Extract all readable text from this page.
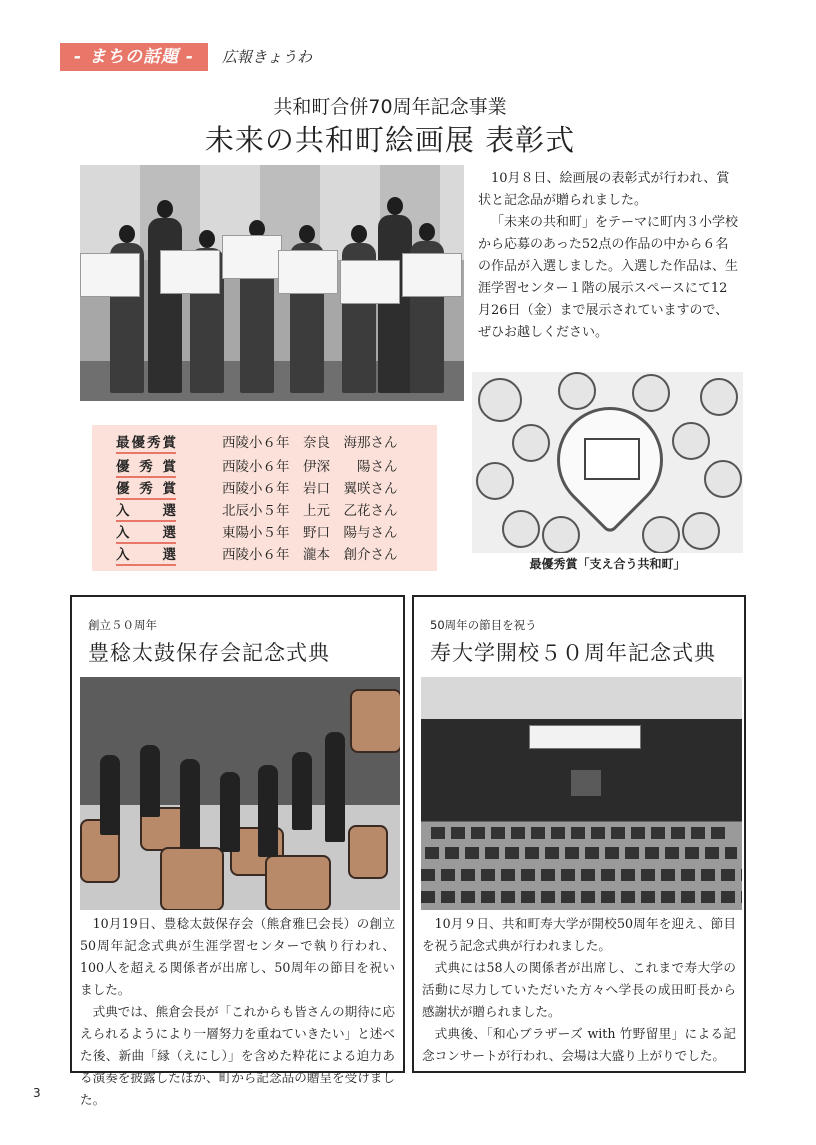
- まちの話題 -	広報きょうわ
共和町合併70周年記念事業
未来の共和町絵画展 表彰式

10月８日、絵画展の表彰式が行われ、賞状と記念品が贈られました。

「未来の共和町」をテーマに町内３小学校から応募のあった52点の作品の中から６名の作品が入選しました。入選した作品は、生涯学習センター１階の展示スペースにて12月26日（金）まで展示されていますので、ぜひお越しください。

最優秀賞「支え合う共和町」
最優秀賞	西陵小６年　奈良　海那さん
優秀賞	西陵小６年　伊深　　陽さん
優秀賞	西陵小６年　岩口　翼咲さん
入選	北辰小５年　上元　乙花さん
入選	東陽小５年　野口　陽与さん
入選	西陵小６年　瀧本　創介さん
創立５０周年
豊稔太鼓保存会記念式典

10月19日、豊稔太鼓保存会（熊倉雅巳会長）の創立50周年記念式典が生涯学習センターで執り行われ、100人を超える関係者が出席し、50周年の節目を祝いました。

式典では、熊倉会長が「これからも皆さんの期待に応えられるようにより一層努力を重ねていきたい」と述べた後、新曲「縁（えにし）」を含めた粋花による迫力ある演奏を披露したほか、町から記念品の贈呈を受けました。

50周年の節目を祝う
寿大学開校５０周年記念式典

10月９日、共和町寿大学が開校50周年を迎え、節目を祝う記念式典が行われました。

式典には58人の関係者が出席し、これまで寿大学の活動に尽力していただいた方々へ学長の成田町長から感謝状が贈られました。

式典後、「和心ブラザーズ with 竹野留里」による記念コンサートが行われ、会場は大盛り上がりでした。

3
